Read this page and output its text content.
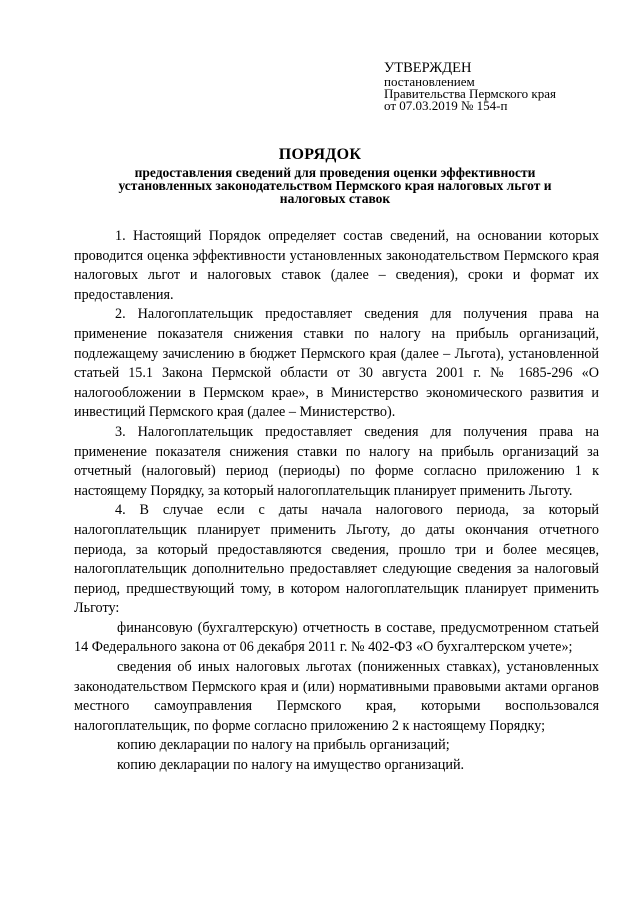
УТВЕРЖДЕН
постановлением
Правительства Пермского края
от 07.03.2019 № 154-п
ПОРЯДОК
предоставления сведений для проведения оценки эффективности установленных законодательством Пермского края налоговых льгот и налоговых ставок

1. Настоящий Порядок определяет состав сведений, на основании которых проводится оценка эффективности установленных законодательством Пермского края налоговых льгот и налоговых ставок (далее – сведения), сроки и формат их предоставления.

2. Налогоплательщик предоставляет сведения для получения права на применение показателя снижения ставки по налогу на прибыль организаций, подлежащему зачислению в бюджет Пермского края (далее – Льгота), установленной статьей 15.1 Закона Пермской области от 30 августа 2001 г. № 1685-296 «О налогообложении в Пермском крае», в Министерство экономического развития и инвестиций Пермского края (далее – Министерство).

3. Налогоплательщик предоставляет сведения для получения права на применение показателя снижения ставки по налогу на прибыль организаций за отчетный (налоговый) период (периоды) по форме согласно приложению 1 к настоящему Порядку, за который налогоплательщик планирует применить Льготу.

4. В случае если с даты начала налогового периода, за который налогоплательщик планирует применить Льготу, до даты окончания отчетного периода, за который предоставляются сведения, прошло три и более месяцев, налогоплательщик дополнительно предоставляет следующие сведения за налоговый период, предшествующий тому, в котором налогоплательщик планирует применить Льготу:

финансовую (бухгалтерскую) отчетность в составе, предусмотренном статьей 14 Федерального закона от 06 декабря 2011 г. № 402-ФЗ «О бухгалтерском учете»;

сведения об иных налоговых льготах (пониженных ставках), установленных законодательством Пермского края и (или) нормативными правовыми актами органов местного самоуправления Пермского края, которыми воспользовался налогоплательщик, по форме согласно приложению 2 к настоящему Порядку;

копию декларации по налогу на прибыль организаций;

копию декларации по налогу на имущество организаций.
